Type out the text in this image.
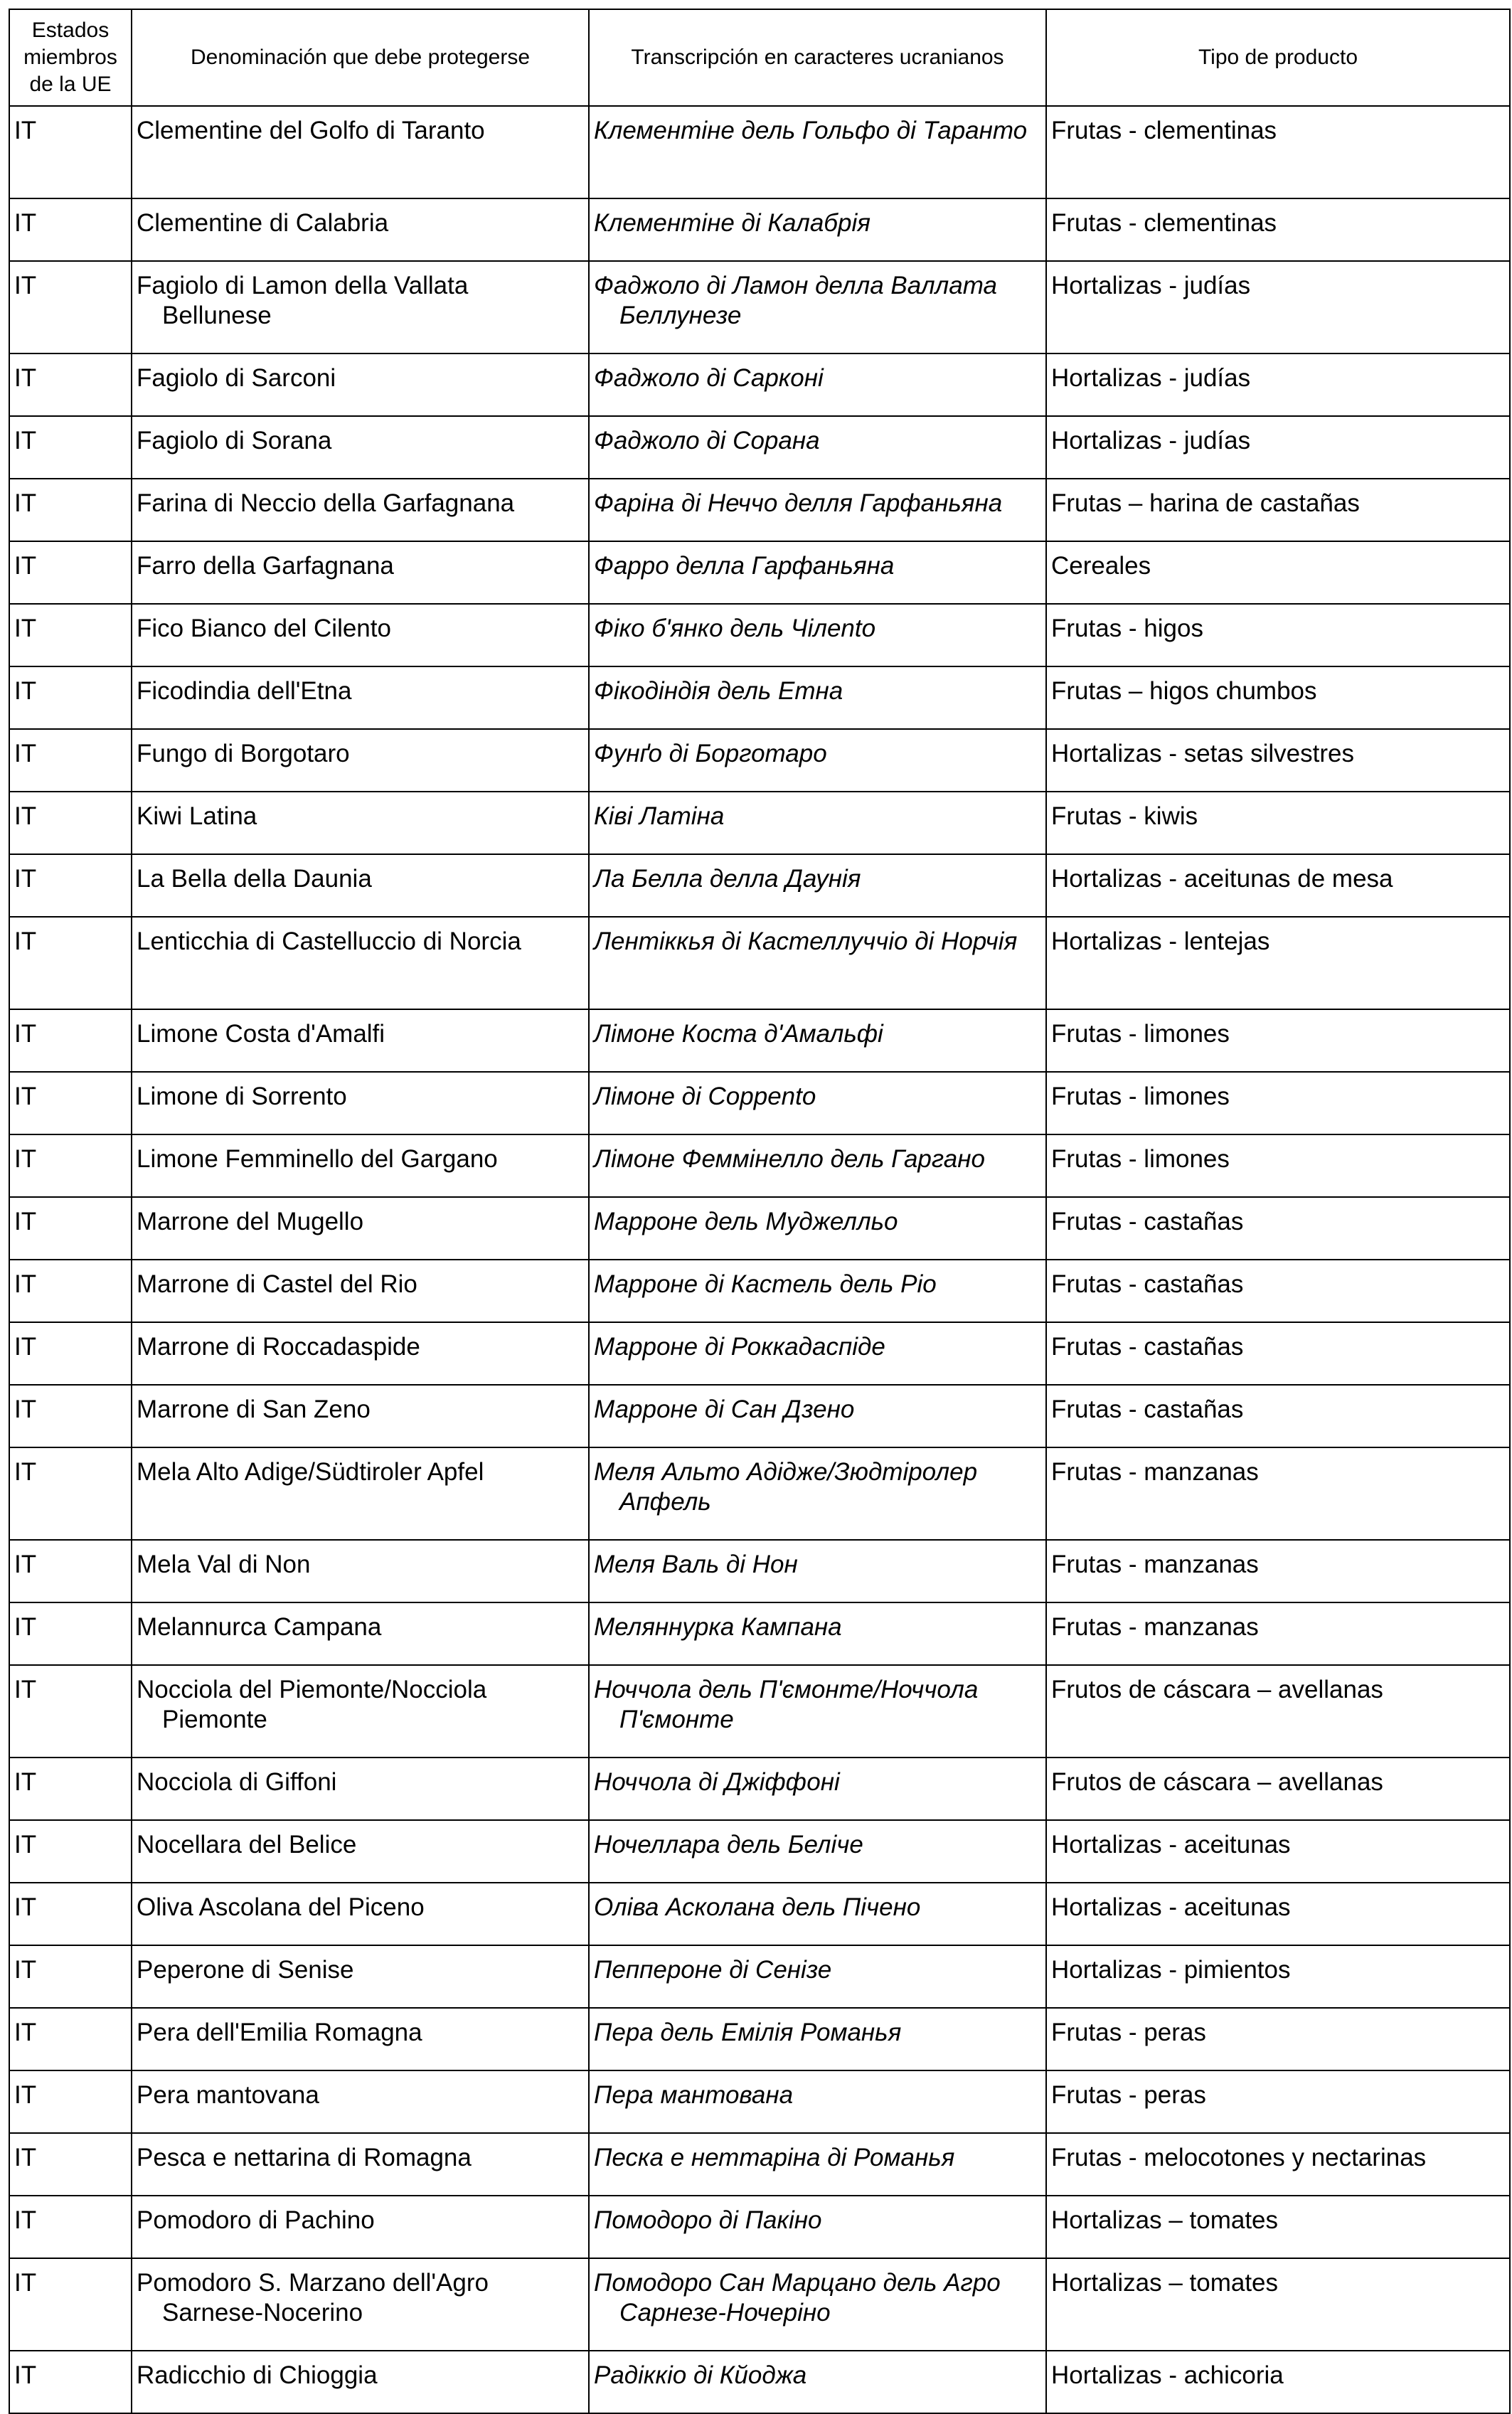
Estados miembros de la UE	Denominación que debe protegerse	Transcripción en caracteres ucranianos	Tipo de producto

IT	Clementine del Golfo di Taranto	Клементіне дель Гольфо ді Таранто	Frutas - clementinas

IT	Clementine di Calabria	Клементіне ді Калабрія	Frutas - clementinas

IT	Fagiolo di Lamon della Vallata Bellunese	Фаджоло ді Ламон делла Валлата Беллунезе	Hortalizas - judías

IT	Fagiolo di Sarconi	Фаджоло ді Сарконі	Hortalizas - judías

IT	Fagiolo di Sorana	Фаджоло ді Сорана	Hortalizas - judías

IT	Farina di Neccio della Garfagnana	Фаріна ді Неччо делля Гарфаньяна	Frutas – harina de castañas

IT	Farro della Garfagnana	Фарро делла Гарфаньяна	Cereales

IT	Fico Bianco del Cilento	Фіко б'янко дель Чілento	Frutas - higos

IT	Ficodindia dell'Etna	Фікодіндія дель Етна	Frutas – higos chumbos

IT	Fungo di Borgotaro	Фунґо ді Борготаро	Hortalizas - setas silvestres

IT	Kiwi Latina	Ківі Латіна	Frutas - kiwis

IT	La Bella della Daunia	Ла Белла делла Даунія	Hortalizas - aceitunas de mesa

IT	Lenticchia di Castelluccio di Norcia	Лентіккья ді Кастеллуччіо ді Норчія	Hortalizas - lentejas

IT	Limone Costa d'Amalfi	Лімоне Коста д'Амальфі	Frutas - limones

IT	Limone di Sorrento	Лімоне ді Соррento	Frutas - limones

IT	Limone Femminello del Gargano	Лімоне Феммінелло дель Гаргано	Frutas - limones

IT	Marrone del Mugello	Марроне дель Муджелльо	Frutas - castañas

IT	Marrone di Castel del Rio	Марроне ді Кастель дель Ріо	Frutas - castañas

IT	Marrone di Roccadaspide	Марроне ді Роккадаспіде	Frutas - castañas

IT	Marrone di San Zeno	Марроне ді Сан Дзено	Frutas - castañas

IT	Mela Alto Adige/Südtiroler Apfel	Меля Альто Адідже/Зюдтіролер Апфель	Frutas - manzanas

IT	Mela Val di Non	Меля Валь ді Нон	Frutas - manzanas

IT	Melannurca Campana	Меляннурка Кампана	Frutas - manzanas

IT	Nocciola del Piemonte/Nocciola Piemonte	Ноччола дель П'ємонте/Ноччола П'ємонте	Frutos de cáscara – avellanas

IT	Nocciola di Giffoni	Ноччола ді Джіффоні	Frutos de cáscara – avellanas

IT	Nocellara del Belice	Ночеллара дель Беліче	Hortalizas - aceitunas

IT	Oliva Ascolana del Piceno	Оліва Асколана дель Пічено	Hortalizas - aceitunas

IT	Peperone di Senise	Пеппероне ді Сенізе	Hortalizas - pimientos

IT	Pera dell'Emilia Romagna	Пера дель Емілія Романья	Frutas - peras

IT	Pera mantovana	Пера мантована	Frutas - peras

IT	Pesca e nettarina di Romagna	Песка е неттаріна ді Романья	Frutas - melocotones y nectarinas

IT	Pomodoro di Pachino	Помодоро ді Пакіно	Hortalizas – tomates

IT	Pomodoro S. Marzano dell'Agro Sarnese-Nocerino	Помодоро Сан Марцано дель Агро Сарнезе-Ночеріно	Hortalizas – tomates

IT	Radicchio di Chioggia	Радіккіо ді Кйоджа	Hortalizas - achicoria
